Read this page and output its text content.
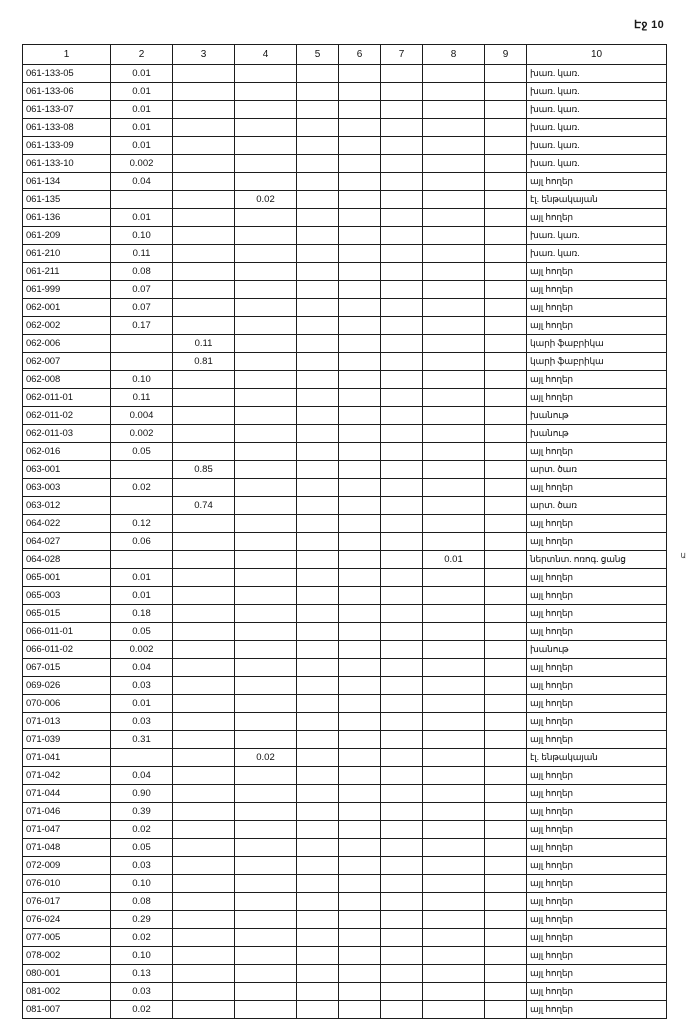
Էջ 10
1	2	3	4	5	6	7	8	9	10
061-133-05	0.01								խառ. կառ.
061-133-06	0.01								խառ. կառ.
061-133-07	0.01								խառ. կառ.
061-133-08	0.01								խառ. կառ.
061-133-09	0.01								խառ. կառ.
061-133-10	0.002								խառ. կառ.
061-134	0.04								այլ հողեր
061-135			0.02						էլ. ենթակայան
061-136	0.01								այլ հողեր
061-209	0.10								խառ. կառ.
061-210	0.11								խառ. կառ.
061-211	0.08								այլ հողեր
061-999	0.07								այլ հողեր
062-001	0.07								այլ հողեր
062-002	0.17								այլ հողեր
062-006		0.11							կարի ֆաբրիկա
062-007		0.81							կարի ֆաբրիկա
062-008	0.10								այլ հողեր
062-011-01	0.11								այլ հողեր
062-011-02	0.004								խանութ
062-011-03	0.002								խանութ
062-016	0.05								այլ հողեր
063-001		0.85							արտ. ծառ
063-003	0.02								այլ հողեր
063-012		0.74							արտ. ծառ
064-022	0.12								այլ հողեր
064-027	0.06								այլ հողեր
064-028							0.01		ներտնտ. ոռոգ. ցանց
065-001	0.01								այլ հողեր
065-003	0.01								այլ հողեր
065-015	0.18								այլ հողեր
066-011-01	0.05								այլ հողեր
066-011-02	0.002								խանութ
067-015	0.04								այլ հողեր
069-026	0.03								այլ հողեր
070-006	0.01								այլ հողեր
071-013	0.03								այլ հողեր
071-039	0.31								այլ հողեր
071-041			0.02						էլ. ենթակայան
071-042	0.04								այլ հողեր
071-044	0.90								այլ հողեր
071-046	0.39								այլ հողեր
071-047	0.02								այլ հողեր
071-048	0.05								այլ հողեր
072-009	0.03								այլ հողեր
076-010	0.10								այլ հողեր
076-017	0.08								այլ հողեր
076-024	0.29								այլ հողեր
077-005	0.02								այլ հողեր
078-002	0.10								այլ հողեր
080-001	0.13								այլ հողեր
081-002	0.03								այլ հողեր
081-007	0.02								այլ հողեր
Ա
